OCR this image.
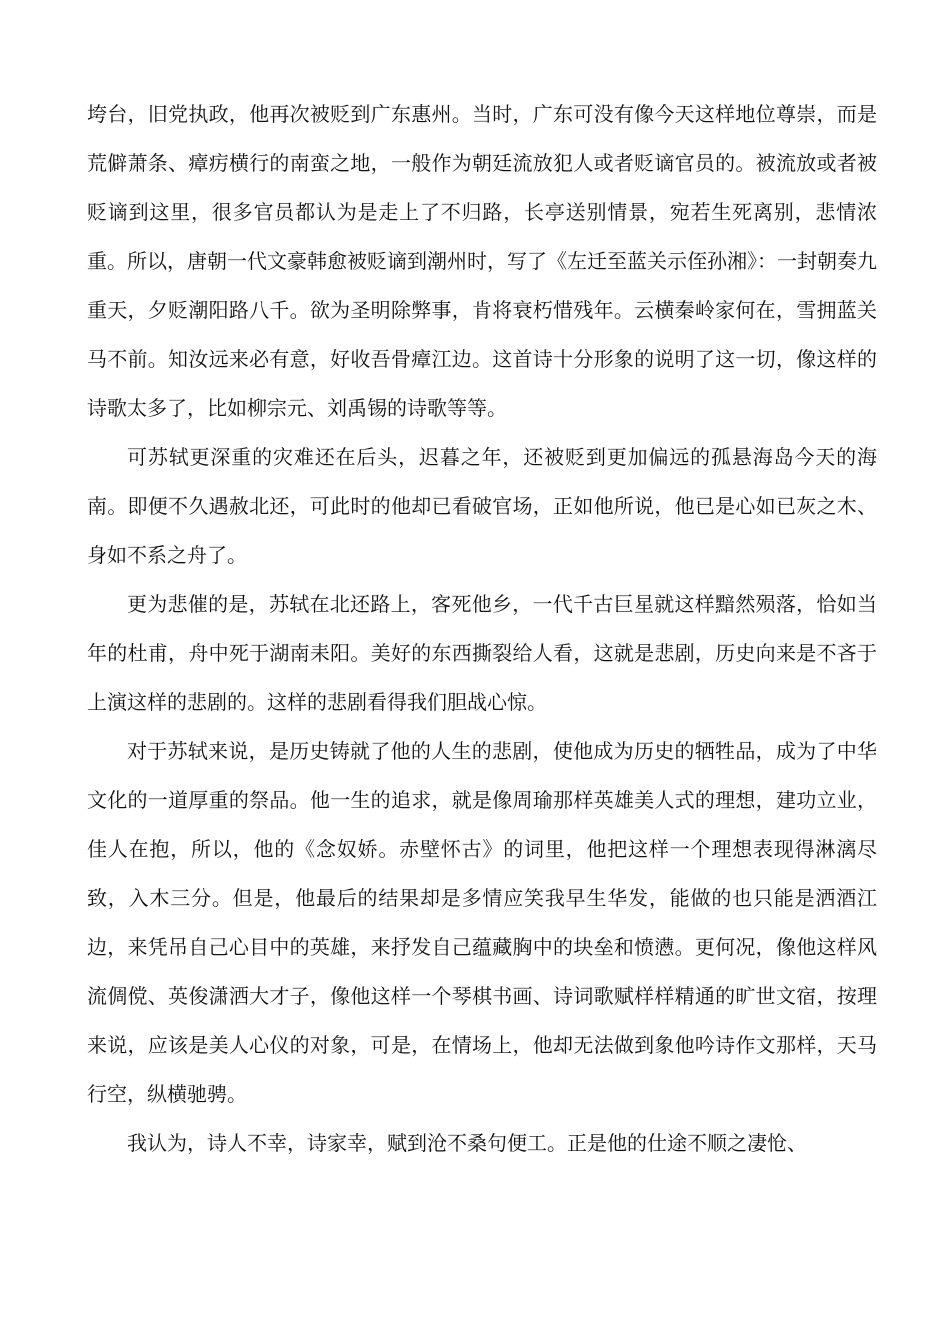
垮台，旧党执政，他再次被贬到广东惠州。当时，广东可没有像今天这样地位尊崇，而是荒僻萧条、瘴疠横行的南蛮之地，一般作为朝廷流放犯人或者贬谪官员的。被流放或者被贬谪到这里，很多官员都认为是走上了不归路，长亭送别情景，宛若生死离别，悲情浓重。所以，唐朝一代文豪韩愈被贬谪到潮州时，写了《左迁至蓝关示侄孙湘》：一封朝奏九重天，夕贬潮阳路八千。欲为圣明除弊事，肯将衰朽惜残年。云横秦岭家何在，雪拥蓝关马不前。知汝远来必有意，好收吾骨瘴江边。这首诗十分形象的说明了这一切，像这样的诗歌太多了，比如柳宗元、刘禹锡的诗歌等等。

可苏轼更深重的灾难还在后头，迟暮之年，还被贬到更加偏远的孤悬海岛今天的海南。即便不久遇赦北还，可此时的他却已看破官场，正如他所说，他已是心如已灰之木、身如不系之舟了。

更为悲催的是，苏轼在北还路上，客死他乡，一代千古巨星就这样黯然殒落，恰如当年的杜甫，舟中死于湖南耒阳。美好的东西撕裂给人看，这就是悲剧，历史向来是不吝于上演这样的悲剧的。这样的悲剧看得我们胆战心惊。

对于苏轼来说，是历史铸就了他的人生的悲剧，使他成为历史的牺牲品，成为了中华文化的一道厚重的祭品。他一生的追求，就是像周瑜那样英雄美人式的理想，建功立业，佳人在抱，所以，他的《念奴娇。赤壁怀古》的词里，他把这样一个理想表现得淋漓尽致，入木三分。但是，他最后的结果却是多情应笑我早生华发，能做的也只能是洒酒江边，来凭吊自己心目中的英雄，来抒发自己蕴藏胸中的块垒和愤懑。更何况，像他这样风流倜傥、英俊潇洒大才子，像他这样一个琴棋书画、诗词歌赋样样精通的旷世文宿，按理来说，应该是美人心仪的对象，可是，在情场上，他却无法做到象他吟诗作文那样，天马行空，纵横驰骋。

我认为，诗人不幸，诗家幸，赋到沧不桑句便工。正是他的仕途不顺之凄怆、
